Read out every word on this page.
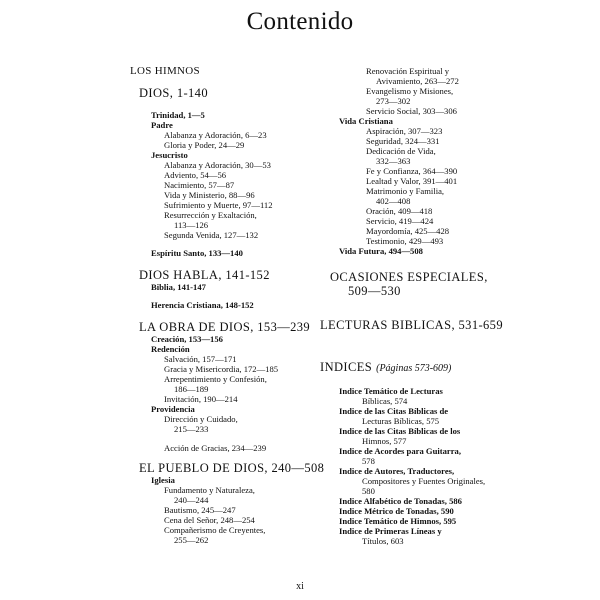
Contenido
LOS HIMNOS
DIOS, 1-140
Trinidad, 1—5
Padre
Alabanza y Adoración, 6—23
Gloria y Poder, 24—29
Jesucristo
Alabanza y Adoración, 30—53
Adviento, 54—56
Nacimiento, 57—87
Vida y Ministerio, 88—96
Sufrimiento y Muerte, 97—112
Resurrección y Exaltación,
113—126
Segunda Venida, 127—132
Espíritu Santo, 133—140
DIOS HABLA, 141-152
Biblia, 141-147
Herencia Cristiana, 148-152
LA OBRA DE DIOS, 153—239
Creación, 153—156
Redención
Salvación, 157—171
Gracia y Misericordia, 172—185
Arrepentimiento y Confesión,
186—189
Invitación, 190—214
Providencia
Dirección y Cuidado,
215—233
Acción de Gracias, 234—239
EL PUEBLO DE DIOS, 240—508
Iglesia
Fundamento y Naturaleza,
240—244
Bautismo, 245—247
Cena del Señor, 248—254
Compañerismo de Creyentes,
255—262
Renovación Espiritual y
Avivamiento, 263—272
Evangelismo y Misiones,
273—302
Servicio Social, 303—306
Vida Cristiana
Aspiración, 307—323
Seguridad, 324—331
Dedicación de Vida,
332—363
Fe y Confianza, 364—390
Lealtad y Valor, 391—401
Matrimonio y Familia,
402—408
Oración, 409—418
Servicio, 419—424
Mayordomía, 425—428
Testimonio, 429—493
Vida Futura, 494—508
OCASIONES ESPECIALES,
509—530
LECTURAS BIBLICAS, 531-659
INDICES (Páginas 573-609)
Indice Temático de Lecturas
Bíblicas, 574
Indice de las Citas Bíblicas de
Lecturas Bíblicas, 575
Indice de las Citas Bíblicas de los
Himnos, 577
Indice de Acordes para Guitarra,
578
Indice de Autores, Traductores,
Compositores y Fuentes Originales,
580
Indice Alfabético de Tonadas, 586
Indice Métrico de Tonadas, 590
Indice Temático de Himnos, 595
Indice de Primeras Líneas y
Títulos, 603
xi
